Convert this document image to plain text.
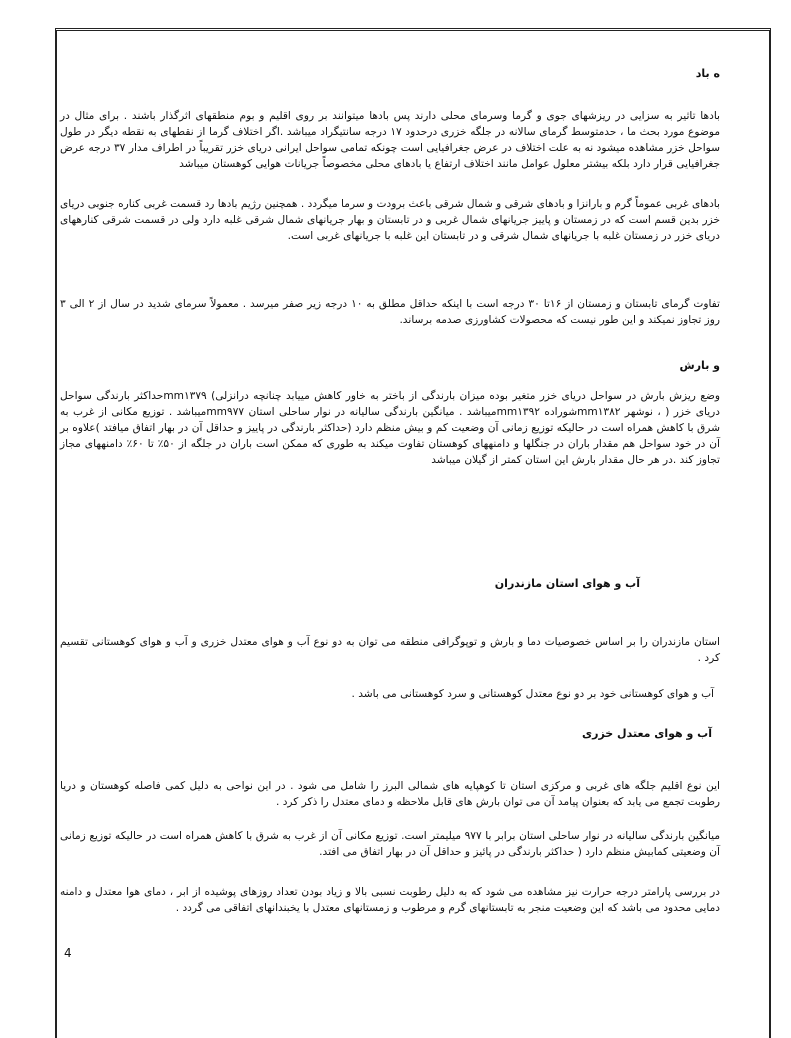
ه باد

بادها تاثیر به سزایی در ریزشهای جوی و گرما وسرمای محلی دارند پس بادها میتوانند بر روی اقلیم و بوم منطقهای اثرگذار باشند . برای مثال در موضوع مورد بحث ما ، حدمتوسط گرمای سالانه در جلگه خزری درحدود ۱۷ درجه سانتیگراد میباشد .اگر اختلاف گرما از نقطهای به نقطه دیگر در طول سواحل خزر مشاهده میشود نه به علت اختلاف در عرض جغرافیایی است چونکه تمامی سواحل ایرانی دریای خزر تقریباً در اطراف مدار ۳۷ درجه عرض جغرافیایی قرار دارد بلکه بیشتر معلول عوامل مانند اختلاف ارتفاع یا بادهای محلی مخصوصاً جریانات هوایی کوهستان میباشد

بادهای غربی عموماً گرم و بارانزا و بادهای شرقی و شمال شرقی باعث برودت و سرما میگردد . همچنین رژیم بادها رد قسمت غربی کناره جنوبی دریای خزر بدین قسم است که در زمستان و پاییز جریانهای شمال غربی و در تابستان و بهار جریانهای شمال شرقی غلبه دارد ولی در قسمت شرقی کنارههای دریای خزر در زمستان غلبه با جریانهای شمال شرقی و در تابستان این غلبه با جریانهای غربی است.

تفاوت گرمای تابستان و زمستان از ۱۶تا ۳۰ درجه است با اینکه حداقل مطلق به ۱۰ درجه زیر صفر میرسد . معمولاً سرمای شدید در سال از ۲ الی ۳ روز تجاوز نمیکند و این طور نیست که محصولات کشاورزی صدمه برساند.

و بارش

وضع ریزش بارش در سواحل دریای خزر متغیر بوده میزان بارندگی از باختر به خاور کاهش مییابد چنانچه درانزلی) mm۱۳۷۹حداکثر بارندگی سواحل دریای خزر ( ، نوشهر mm۱۳۸۲شوراده mm۱۳۹۲میباشد . میانگین بارندگی سالیانه در نوار ساحلی استان mm۹۷۷میباشد . توزیع مکانی از غرب به شرق با کاهش همراه است در حالیکه توزیع زمانی آن وضعیت کم و بیش منظم دارد (حداکثر بارندگی در پاییز و حداقل آن در بهار اتفاق میافتد )علاوه بر آن در خود سواحل هم مقدار باران در جنگلها و دامنههای کوهستان تفاوت میکند به طوری که ممکن است باران در جلگه از ۵۰٪ تا ۶۰٪ دامنههای مجاز تجاوز کند .در هر حال مقدار بارش این استان کمتر از گیلان میباشد

آب و هوای استان مازندران

استان مازندران را بر اساس خصوصیات دما و بارش و توپوگرافی منطقه می توان به دو نوع آب و هوای معتدل خزری و آب و هوای کوهستانی تقسیم کرد .

آب و هوای کوهستانی خود بر دو نوع معتدل کوهستانی و سرد کوهستانی می باشد .

آب و هوای معتدل خزری

این نوع اقلیم جلگه های غربی و مرکزی استان تا کوهپایه های شمالی البرز را شامل می شود . در این نواحی به دلیل کمی فاصله کوهستان و دریا رطوبت تجمع می یابد که بعنوان پیامد آن می توان بارش های قابل ملاحظه و دمای معتدل را ذکر کرد .

میانگین بارندگی سالیانه در نوار ساحلی استان برابر با ۹۷۷ میلیمتر است. توزیع مکانی آن از غرب به شرق با کاهش همراه است در حالیکه توزیع زمانی آن وضعیتی کمابیش منظم دارد ( حداکثر بارندگی در پائیز و حداقل آن در بهار اتفاق می افتد.

در بررسی پارامتر درجه حرارت نیز مشاهده می شود که به دلیل رطوبت نسبی بالا و زیاد بودن تعداد روزهای پوشیده از ابر ، دمای هوا معتدل و دامنه دمایی محدود می باشد که این وضعیت منجر به تابستانهای گرم و مرطوب و زمستانهای معتدل با یخبندانهای اتفاقی می گردد .

4
